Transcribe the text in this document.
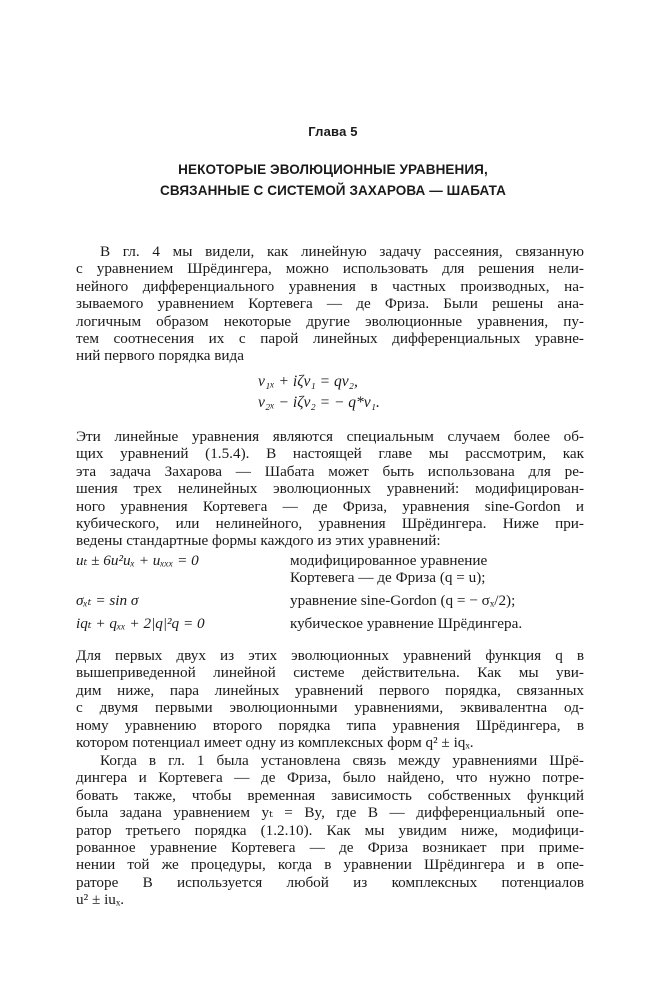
Глава 5
НЕКОТОРЫЕ ЭВОЛЮЦИОННЫЕ УРАВНЕНИЯ,
СВЯЗАННЫЕ С СИСТЕМОЙ ЗАХАРОВА — ШАБАТА
В гл. 4 мы видели, как линейную задачу рассеяния, связанную
с уравнением Шрёдингера, можно использовать для решения нели-
нейного дифференциального уравнения в частных производных, на-
зываемого уравнением Кортевега — де Фриза. Были решены ана-
логичным образом некоторые другие эволюционные уравнения, пу-
тем соотнесения их с парой линейных дифференциальных уравне-
ний первого порядка вида
v₁ₓ + iζv₁ = qv₂,
v₂ₓ − iζv₂ = − q*v₁.
Эти линейные уравнения являются специальным случаем более об-
щих уравнений (1.5.4). В настоящей главе мы рассмотрим, как
эта задача Захарова — Шабата может быть использована для ре-
шения трех нелинейных эволюционных уравнений: модифицирован-
ного уравнения Кортевега — де Фриза, уравнения sine-Gordon и
кубического, или нелинейного, уравнения Шрёдингера. Ниже при-
ведены стандартные формы каждого из этих уравнений:
uₜ ± 6u²uₓ + uₓₓₓ = 0	модифицированное уравнение
Кортевега — де Фриза (q = u);
σₓₜ = sin σ	уравнение sine-Gordon (q = − σₓ/2);
iqₜ + qₓₓ + 2|q|²q = 0	кубическое уравнение Шрёдингера.
Для первых двух из этих эволюционных уравнений функция q в
вышеприведенной линейной системе действительна. Как мы уви-
дим ниже, пара линейных уравнений первого порядка, связанных
с двумя первыми эволюционными уравнениями, эквивалентна од-
ному уравнению второго порядка типа уравнения Шрёдингера, в
котором потенциал имеет одну из комплексных форм q² ± iqₓ.
Когда в гл. 1 была установлена связь между уравнениями Шрё-
дингера и Кортевега — де Фриза, было найдено, что нужно потре-
бовать также, чтобы временная зависимость собственных функций
была задана уравнением yₜ = By, где B — дифференциальный опе-
ратор третьего порядка (1.2.10). Как мы увидим ниже, модифици-
рованное уравнение Кортевега — де Фриза возникает при приме-
нении той же процедуры, когда в уравнении Шрёдингера и в опе-
раторе B используется любой из комплексных потенциалов
u² ± iuₓ.
